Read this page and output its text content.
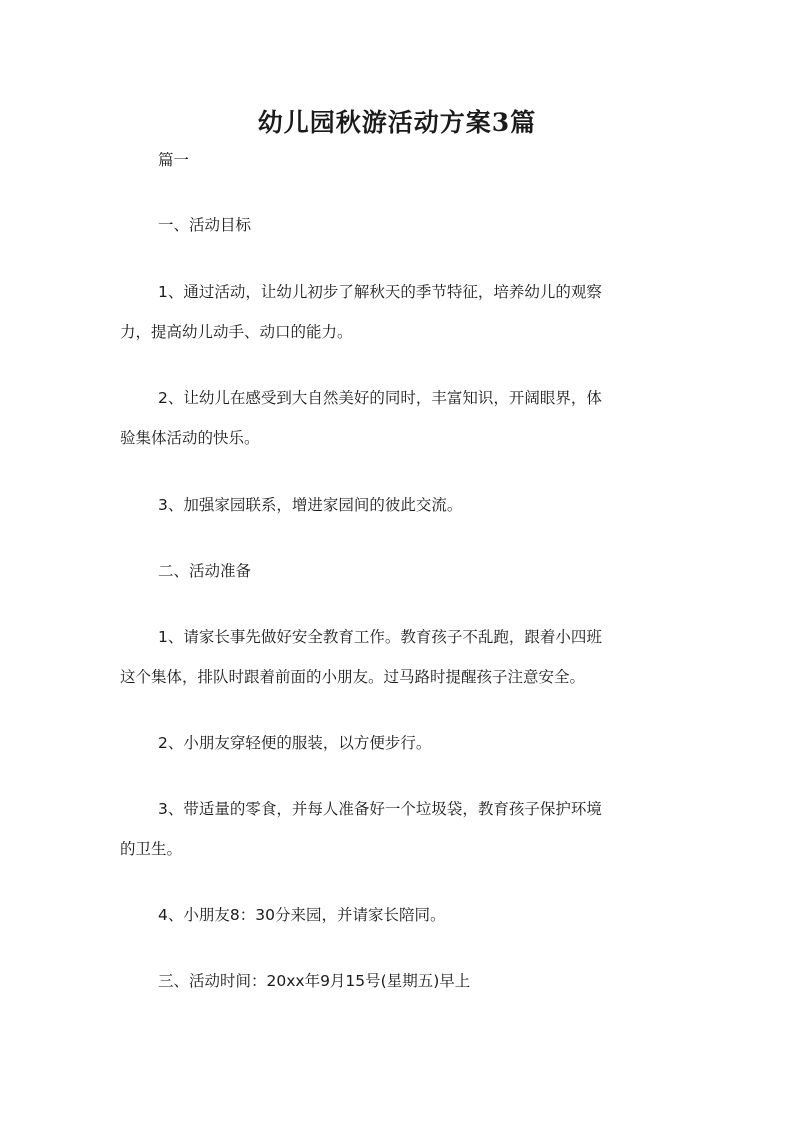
幼儿园秋游活动方案3篇
篇一
一、活动目标
1、通过活动，让幼儿初步了解秋天的季节特征，培养幼儿的观察
力，提高幼儿动手、动口的能力。
2、让幼儿在感受到大自然美好的同时，丰富知识，开阔眼界，体
验集体活动的快乐。
3、加强家园联系，增进家园间的彼此交流。
二、活动准备
1、请家长事先做好安全教育工作。教育孩子不乱跑，跟着小四班
这个集体，排队时跟着前面的小朋友。过马路时提醒孩子注意安全。
2、小朋友穿轻便的服装，以方便步行。
3、带适量的零食，并每人准备好一个垃圾袋，教育孩子保护环境
的卫生。
4、小朋友8：30分来园，并请家长陪同。
三、活动时间：20xx年9月15号(星期五)早上
